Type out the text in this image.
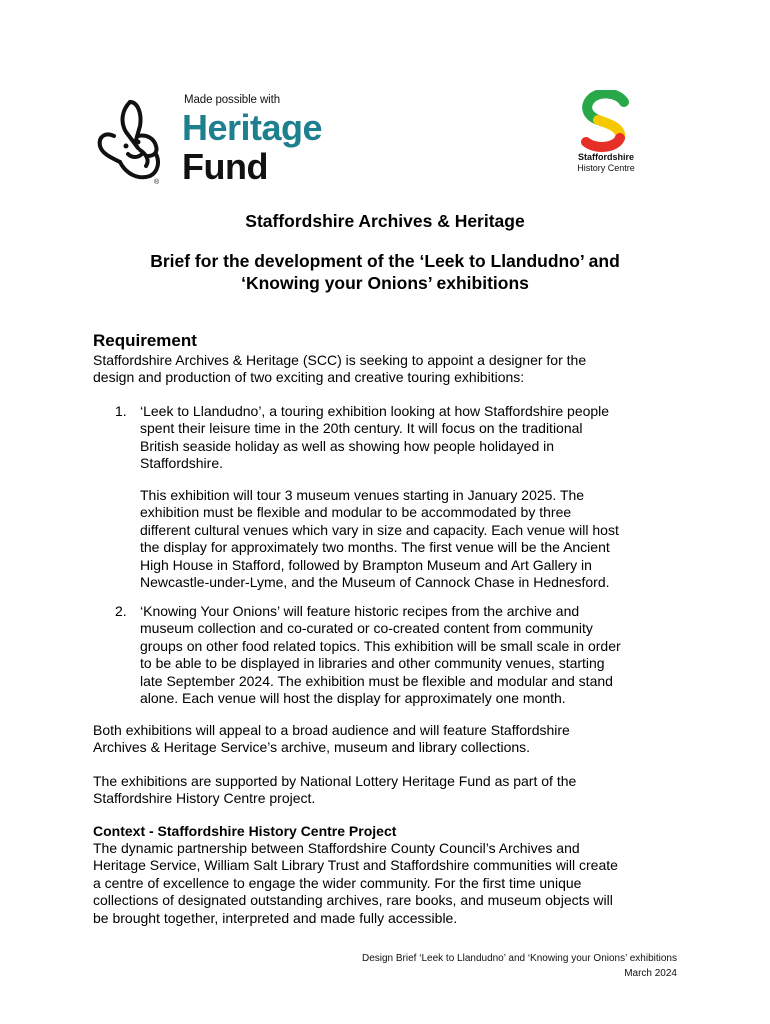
®
Made possible with
Heritage
Fund	Staffordshire
History Centre
Staffordshire Archives & Heritage
Brief for the development of the ‘Leek to Llandudno’ and
‘Knowing your Onions’ exhibitions
Requirement
Staffordshire Archives & Heritage (SCC) is seeking to appoint a designer for the
design and production of two exciting and creative touring exhibitions:
1. ‘Leek to Llandudno’, a touring exhibition looking at how Staffordshire people
spent their leisure time in the 20th century. It will focus on the traditional
British seaside holiday as well as showing how people holidayed in
Staffordshire.
This exhibition will tour 3 museum venues starting in January 2025. The
exhibition must be flexible and modular to be accommodated by three
different cultural venues which vary in size and capacity. Each venue will host
the display for approximately two months. The first venue will be the Ancient
High House in Stafford, followed by Brampton Museum and Art Gallery in
Newcastle-under-Lyme, and the Museum of Cannock Chase in Hednesford.
2. ‘Knowing Your Onions’ will feature historic recipes from the archive and
museum collection and co-curated or co-created content from community
groups on other food related topics. This exhibition will be small scale in order
to be able to be displayed in libraries and other community venues, starting
late September 2024. The exhibition must be flexible and modular and stand
alone. Each venue will host the display for approximately one month.
Both exhibitions will appeal to a broad audience and will feature Staffordshire
Archives & Heritage Service’s archive, museum and library collections.
The exhibitions are supported by National Lottery Heritage Fund as part of the
Staffordshire History Centre project.
Context - Staffordshire History Centre Project
The dynamic partnership between Staffordshire County Council’s Archives and
Heritage Service, William Salt Library Trust and Staffordshire communities will create
a centre of excellence to engage the wider community. For the first time unique
collections of designated outstanding archives, rare books, and museum objects will
be brought together, interpreted and made fully accessible.
Design Brief ‘Leek to Llandudno’ and ‘Knowing your Onions’ exhibitions
March 2024
